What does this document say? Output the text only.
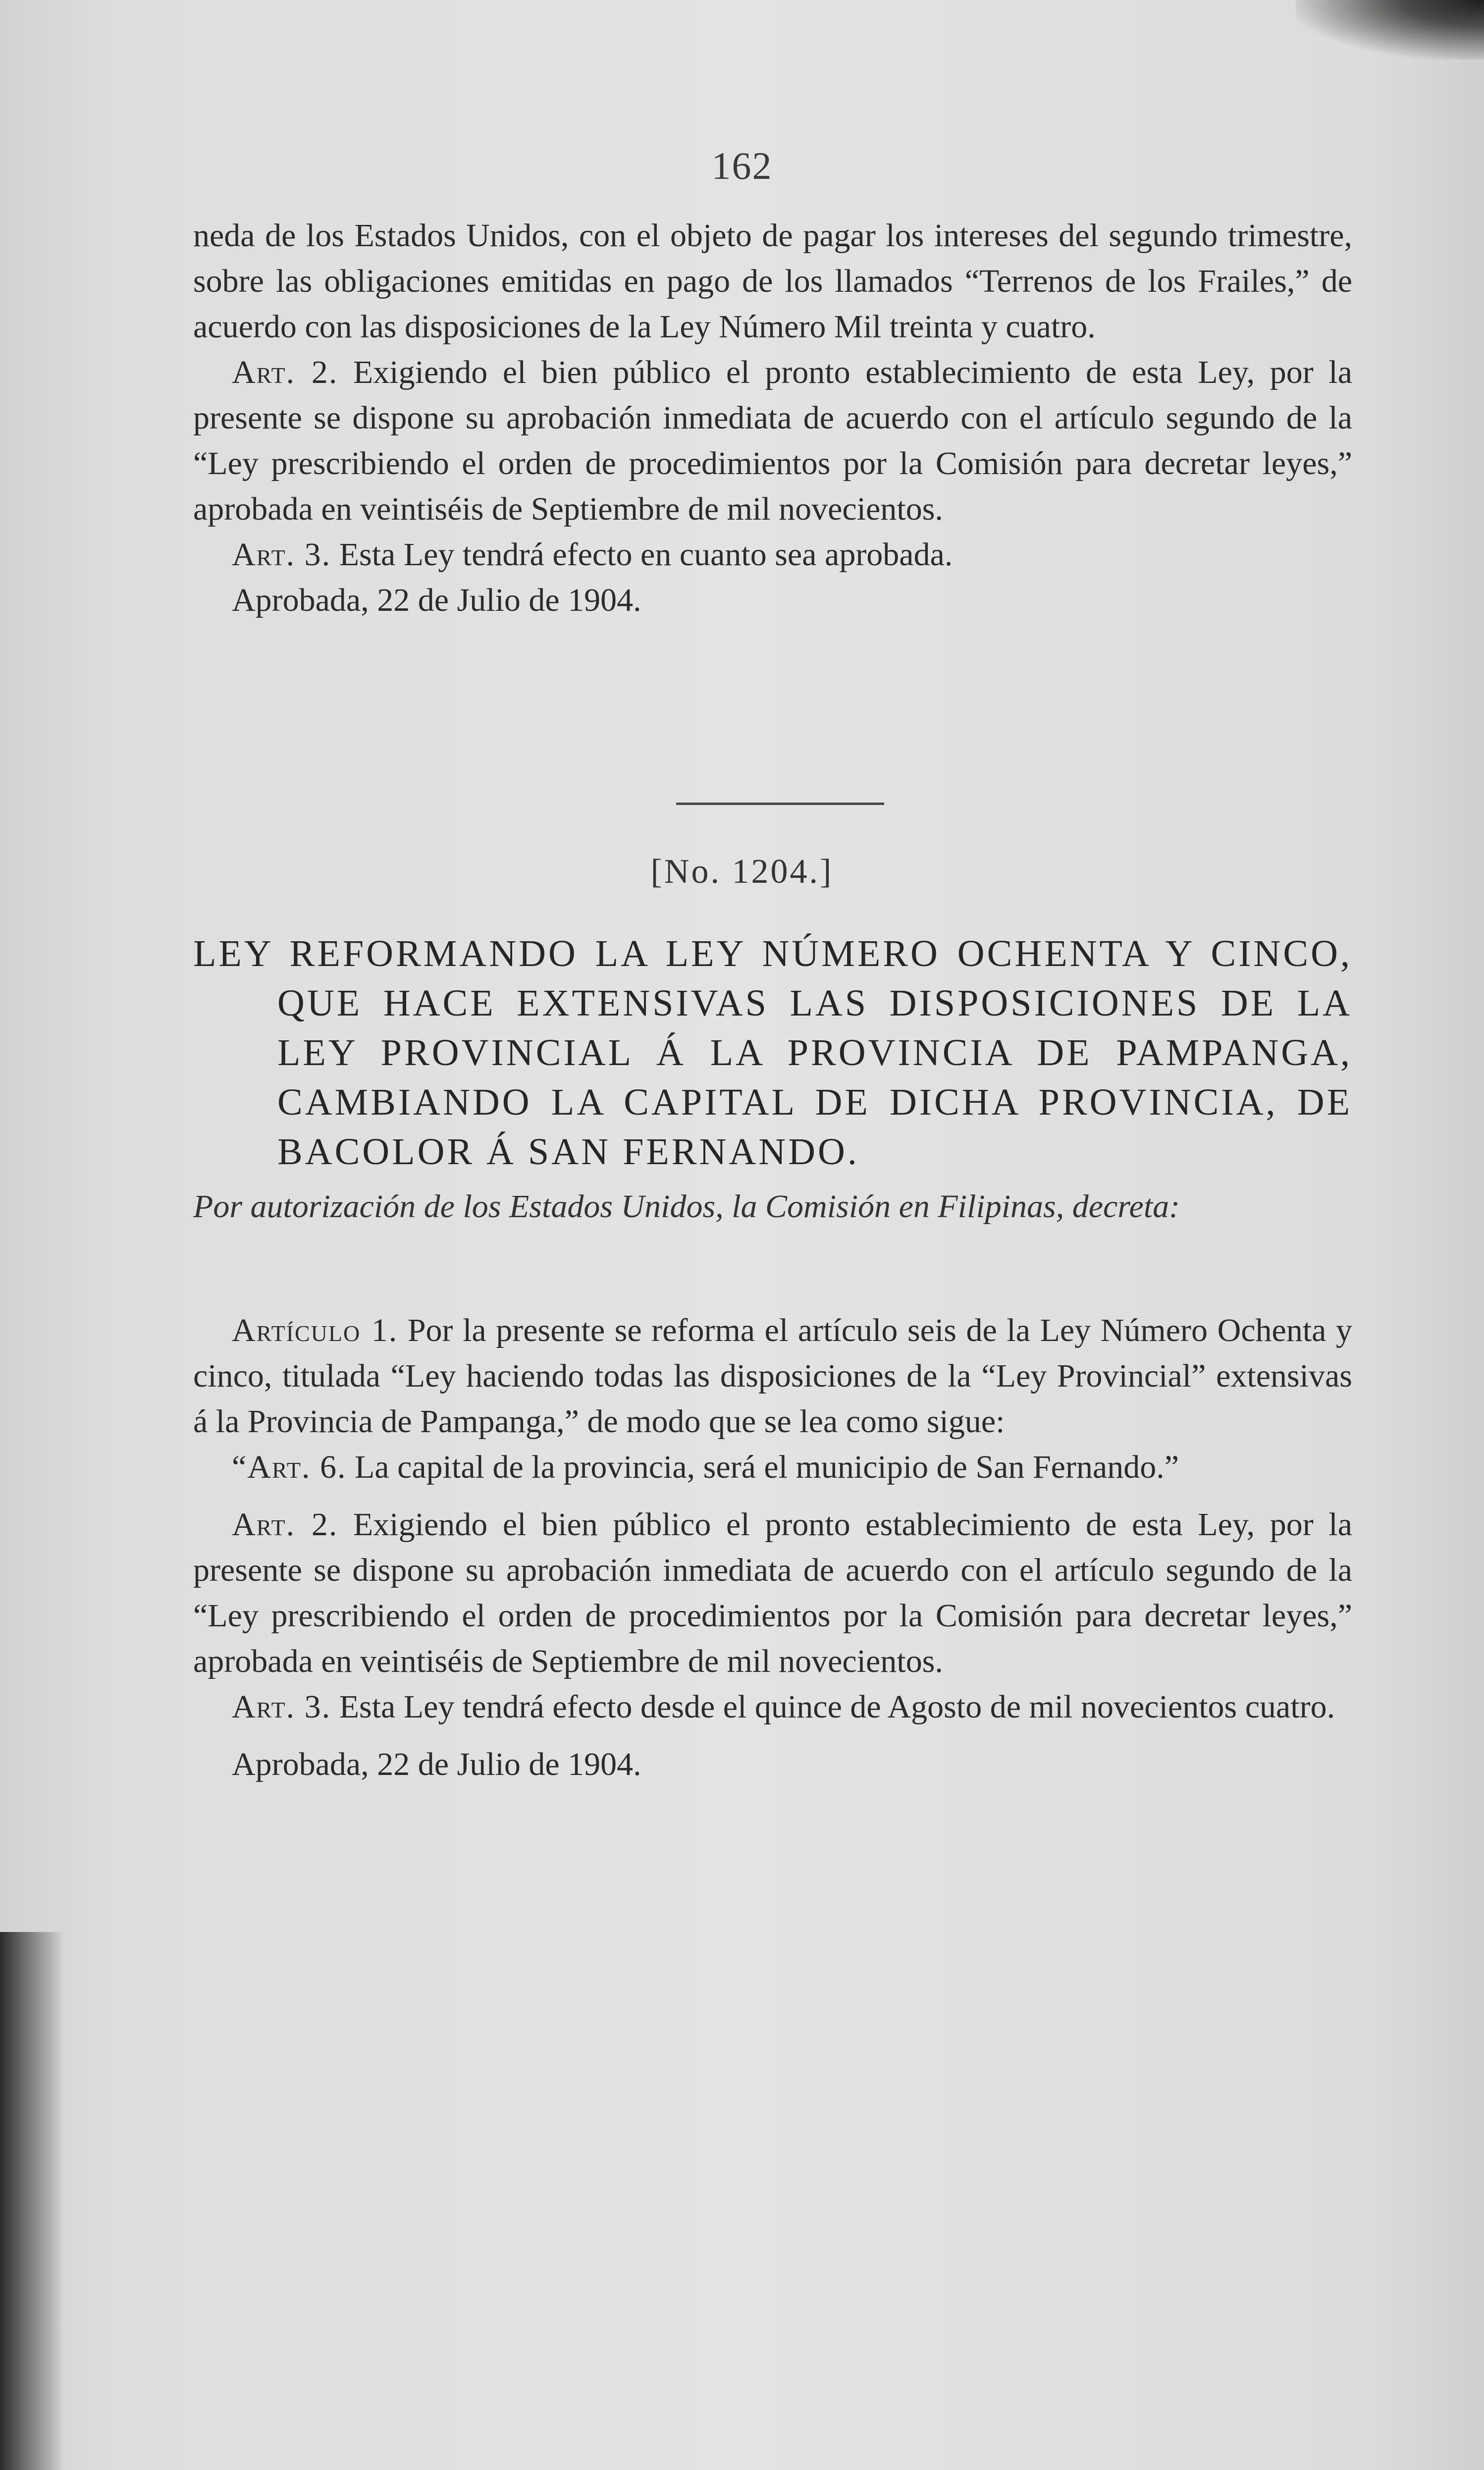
162

neda de los Estados Unidos, con el objeto de pagar los intereses del segundo trimestre, sobre las obligaciones emitidas en pago de los llamados “Terrenos de los Frailes,” de acuerdo con las disposiciones de la Ley Número Mil treinta y cuatro.

Art. 2. Exigiendo el bien público el pronto establecimiento de esta Ley, por la presente se dispone su aprobación inmediata de acuerdo con el artículo segundo de la “Ley prescribiendo el orden de procedimientos por la Comisión para decretar leyes,” aprobada en veintiséis de Septiembre de mil novecientos.

Art. 3. Esta Ley tendrá efecto en cuanto sea aprobada.

Aprobada, 22 de Julio de 1904.

[No. 1204.]
LEY REFORMANDO LA LEY NÚMERO OCHENTA Y CINCO, QUE HACE EXTENSIVAS LAS DISPOSICIONES DE LA LEY PROVINCIAL Á LA PROVINCIA DE PAMPANGA, CAMBIANDO LA CAPITAL DE DICHA PROVINCIA, DE BACOLOR Á SAN FERNANDO.
Por autorización de los Estados Unidos, la Comisión en Filipinas, decreta:

Artículo 1. Por la presente se reforma el artículo seis de la Ley Número Ochenta y cinco, titulada “Ley haciendo todas las disposiciones de la “Ley Provincial” extensivas á la Provincia de Pampanga,” de modo que se lea como sigue:

“Art. 6. La capital de la provincia, será el municipio de San Fernando.”

Art. 2. Exigiendo el bien público el pronto establecimiento de esta Ley, por la presente se dispone su aprobación inmediata de acuerdo con el artículo segundo de la “Ley prescribiendo el orden de procedimientos por la Comisión para decretar leyes,” aprobada en veintiséis de Septiembre de mil novecientos.

Art. 3. Esta Ley tendrá efecto desde el quince de Agosto de mil novecientos cuatro.

Aprobada, 22 de Julio de 1904.
